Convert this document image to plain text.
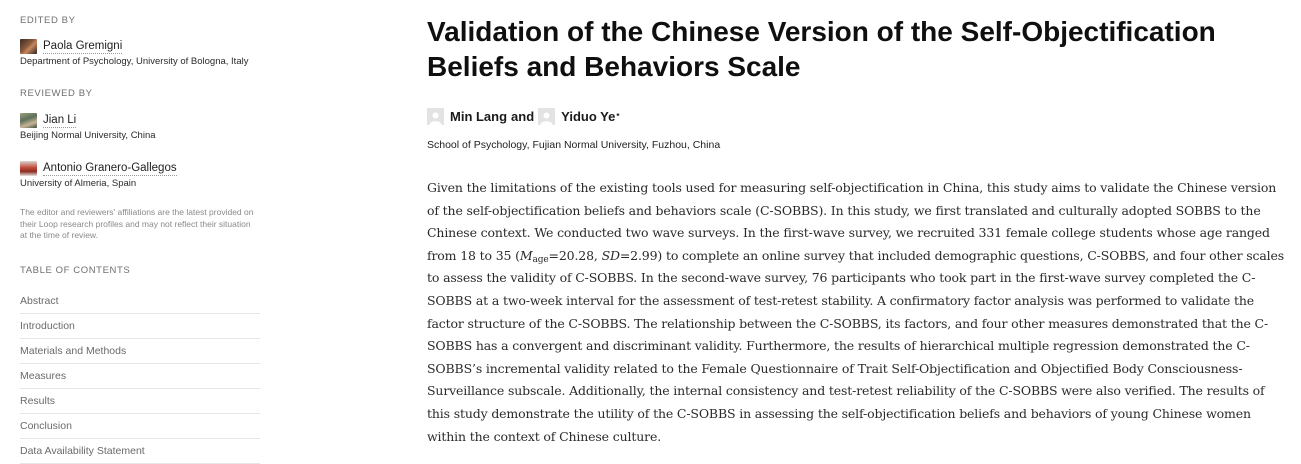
EDITED BY
Paola Gremigni
Department of Psychology, University of Bologna, Italy
REVIEWED BY
Jian Li
Beijing Normal University, China
Antonio Granero-Gallegos
University of Almeria, Spain
The editor and reviewers' affiliations are the latest provided on their Loop research profiles and may not reflect their situation at the time of review.
TABLE OF CONTENTS
Abstract
Introduction
Materials and Methods
Measures
Results
Conclusion
Data Availability Statement
Validation of the Chinese Version of the Self-Objectification Beliefs and Behaviors Scale
Min Lang and Yiduo Ye *
School of Psychology, Fujian Normal University, Fuzhou, China

Given the limitations of the existing tools used for measuring self-objectification in China, this study aims to validate the Chinese version of the self-objectification beliefs and behaviors scale (C-SOBBS). In this study, we first translated and culturally adopted SOBBS to the Chinese context. We conducted two wave surveys. In the first-wave survey, we recruited 331 female college students whose age ranged from 18 to 35 ($M_{age}=20.28$, SD=2.99) to complete an online survey that included demographic questions, C-SOBBS, and four other scales to assess the validity of C-SOBBS. In the second-wave survey, 76 participants who took part in the first-wave survey completed the C-SOBBS at a two-week interval for the assessment of test-retest stability. A confirmatory factor analysis was performed to validate the factor structure of the C-SOBBS. The relationship between the C-SOBBS, its factors, and four other measures demonstrated that the C-SOBBS has a convergent and discriminant validity. Furthermore, the results of hierarchical multiple regression demonstrated the C-SOBBS’s incremental validity related to the Female Questionnaire of Trait Self-Objectification and Objectified Body Consciousness-Surveillance subscale. Additionally, the internal consistency and test-retest reliability of the C-SOBBS were also verified. The results of this study demonstrate the utility of the C-SOBBS in assessing the self-objectification beliefs and behaviors of young Chinese women within the context of Chinese culture.
